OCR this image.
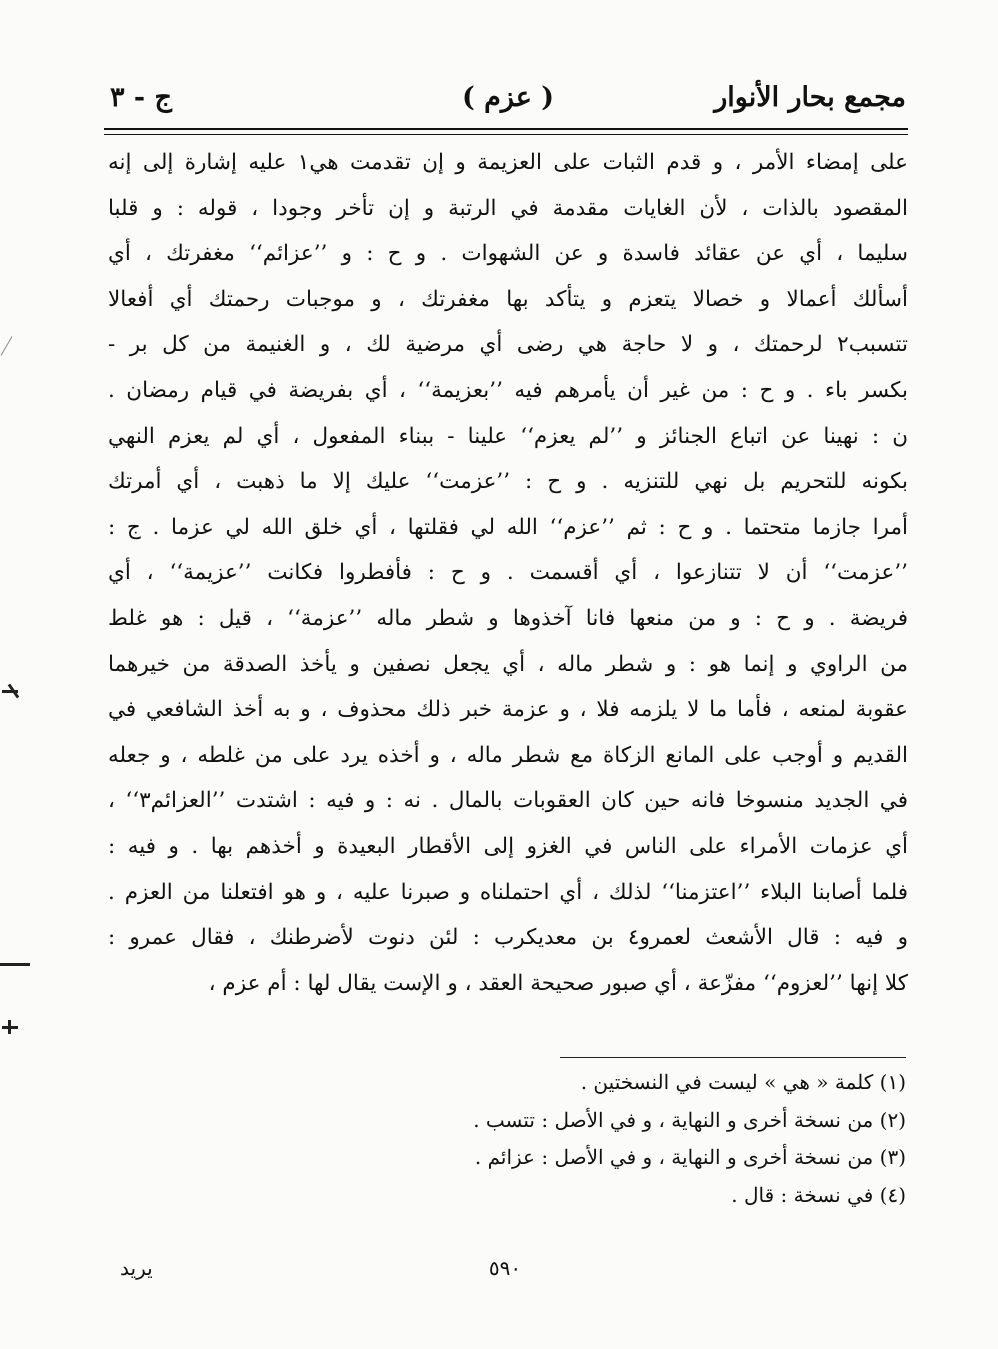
مجمع بحار الأنوار
( عزم )
ج - ٣
على إمضاء الأمر ، و قدم الثبات على العزيمة و إن تقدمت هي١ عليه إشارة إلى إنه
المقصود بالذات ، لأن الغايات مقدمة في الرتبة و إن تأخر وجودا ، قوله : و قلبا
سليما ، أي عن عقائد فاسدة و عن الشهوات . و ح : و ’’عزائم‘‘ مغفرتك ، أي
أسألك أعمالا و خصالا يتعزم و يتأكد بها مغفرتك ، و موجبات رحمتك أي أفعالا
تتسبب٢ لرحمتك ، و لا حاجة هي رضى أي مرضية لك ، و الغنيمة من كل بر -
بكسر باء . و ح : من غير أن يأمرهم فيه ’’بعزيمة‘‘ ، أي بفريضة في قيام رمضان .
ن : نهينا عن اتباع الجنائز و ’’لم يعزم‘‘ علينا - ببناء المفعول ، أي لم يعزم النهي
بكونه للتحريم بل نهي للتنزيه . و ح : ’’عزمت‘‘ عليك إلا ما ذهبت ، أي أمرتك
أمرا جازما متحتما . و ح : ثم ’’عزم‘‘ الله لي فقلتها ، أي خلق الله لي عزما . ج :
’’عزمت‘‘ أن لا تتنازعوا ، أي أقسمت . و ح : فأفطروا فكانت ’’عزيمة‘‘ ، أي
فريضة . و ح : و من منعها فانا آخذوها و شطر ماله ’’عزمة‘‘ ، قيل : هو غلط
من الراوي و إنما هو : و شطر ماله ، أي يجعل نصفين و يأخذ الصدقة من خيرهما
عقوبة لمنعه ، فأما ما لا يلزمه فلا ، و عزمة خبر ذلك محذوف ، و به أخذ الشافعي في
القديم و أوجب على المانع الزكاة مع شطر ماله ، و أخذه يرد على من غلطه ، و جعله
في الجديد منسوخا فانه حين كان العقوبات بالمال . نه : و فيه : اشتدت ’’العزائم٣‘‘ ،
أي عزمات الأمراء على الناس في الغزو إلى الأقطار البعيدة و أخذهم بها . و فيه :
فلما أصابنا البلاء ’’اعتزمنا‘‘ لذلك ، أي احتملناه و صبرنا عليه ، و هو افتعلنا من العزم .
و فيه : قال الأشعث لعمرو٤ بن معديكرب : لئن دنوت لأضرطنك ، فقال عمرو :
كلا إنها ’’لعزوم‘‘ مفزّعة ، أي صبور صحيحة العقد ، و الإست يقال لها : أم عزم ،
(١) كلمة « هي » ليست في النسختين .
(٢) من نسخة أخرى و النهاية ، و في الأصل : تتسب .
(٣) من نسخة أخرى و النهاية ، و في الأصل : عزائم .
(٤) في نسخة : قال .
٥٩٠
يريد
